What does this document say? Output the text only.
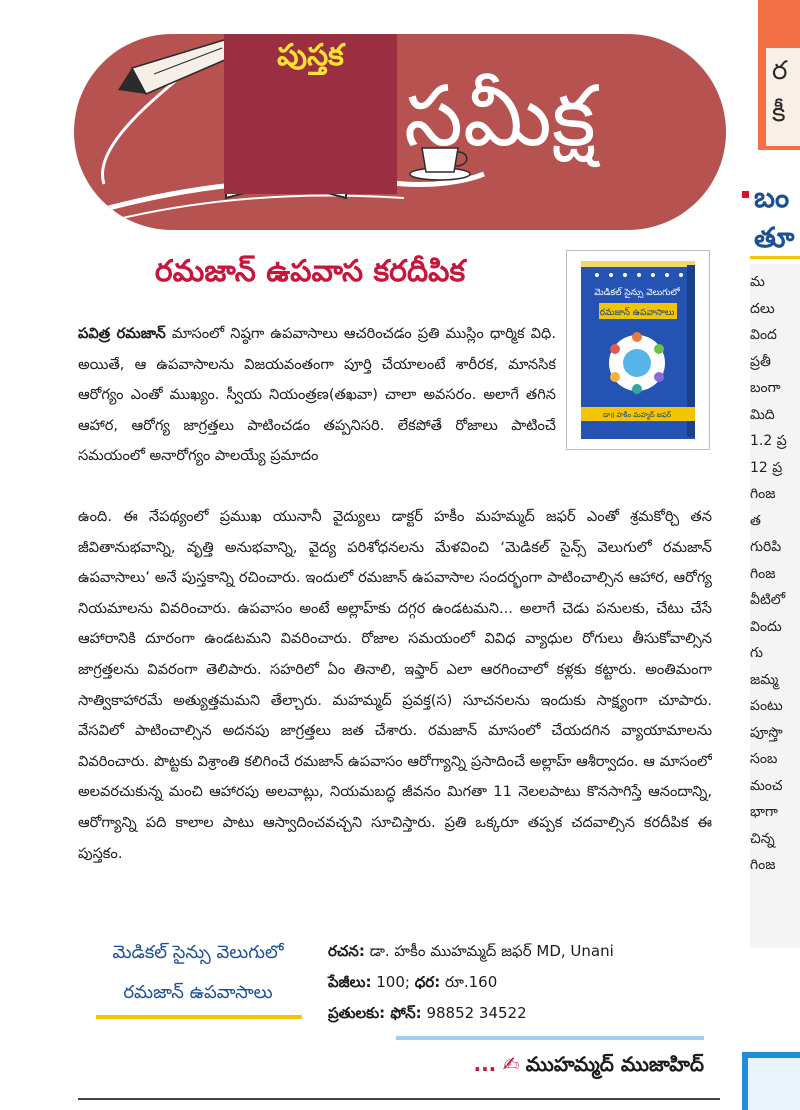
పుస్తక
సమీక్ష
రమజాన్ ఉపవాస కరదీపిక
మెడికల్ సైన్సు వెలుగులో
రమజాన్ ఉపవాసాలు
డా॥ హకీం మహ్మద్ జఫర్

పవిత్ర రమజాన్ మాసంలో నిష్ఠగా ఉపవాసాలు ఆచరించడం ప్రతి ముస్లిం ధార్మిక విధి. అయితే, ఆ ఉపవాసాలను విజయవంతంగా పూర్తి చేయాలంటే శారీరక, మానసిక ఆరోగ్యం ఎంతో ముఖ్యం. స్వీయ నియంత్రణ(తఖవా) చాలా అవసరం. అలాగే తగిన ఆహార, ఆరోగ్య జాగ్రత్తలు పాటించడం తప్పనిసరి. లేకపోతే రోజాలు పాటించే సమయంలో అనారోగ్యం పాలయ్యే ప్రమాదం

ఉంది. ఈ నేపథ్యంలో ప్రముఖ యునానీ వైద్యులు డాక్టర్ హకీం మహమ్మద్ జఫర్ ఎంతో శ్రమకోర్చి తన జీవితానుభవాన్ని, వృత్తి అనుభవాన్ని, వైద్య పరిశోధనలను మేళవించి ‘మెడికల్ సైన్స్ వెలుగులో రమజాన్ ఉపవాసాలు’ అనే పుస్తకాన్ని రచించారు. ఇందులో రమజాన్ ఉపవాసాల సందర్భంగా పాటించాల్సిన ఆహార, ఆరోగ్య నియమాలను వివరించారు. ఉపవాసం అంటే అల్లాహ్‌కు దగ్గర ఉండటమని... అలాగే చెడు పనులకు, చేటు చేసే ఆహారానికి దూరంగా ఉండటమని వివరించారు. రోజాల సమయంలో వివిధ వ్యాధుల రోగులు తీసుకోవాల్సిన జాగ్రత్తలను వివరంగా తెలిపారు. సహరిలో ఏం తినాలి, ఇఫ్తార్ ఎలా ఆరగించాలో కళ్లకు కట్టారు. అంతిమంగా సాత్వికాహారమే అత్యుత్తమమని తేల్చారు. మహమ్మద్ ప్రవక్త(స) సూచనలను ఇందుకు సాక్ష్యంగా చూపారు. వేసవిలో పాటించాల్సిన అదనపు జాగ్రత్తలు జత చేశారు. రమజాన్ మాసంలో చేయదగిన వ్యాయామాలను వివరించారు. పొట్టకు విశ్రాంతి కలిగించే రమజాన్ ఉపవాసం ఆరోగ్యాన్ని ప్రసాదించే అల్లాహ్ ఆశీర్వాదం. ఆ మాసంలో అలవరచుకున్న మంచి ఆహారపు అలవాట్లు, నియమబద్ధ జీవనం మిగతా 11 నెలలపాటు కొనసాగిస్తే ఆనందాన్ని, ఆరోగ్యాన్ని పది కాలాల పాటు ఆస్వాదించవచ్చని సూచిస్తారు. ప్రతి ఒక్కరూ తప్పక చదవాల్సిన కరదీపిక ఈ పుస్తకం.

మెడికల్ సైన్సు వెలుగులో
రమజాన్ ఉపవాసాలు
రచన: డా. హకీం ముహమ్మద్ జఫర్ MD, Unani
పేజీలు: 100; ధర: రూ.160
ప్రతులకు: ఫోన్: 98852 34522
... ✍ ముహమ్మద్ ముజాహిద్
ర
కీ
బం
తూ
మ
దలు
వింద
ప్రతీ
బంగా
మిది
1.2 ప్ర
12 ప్ర
గింజ
త
గురిపి
గింజ
వీటిలో
విందు
గు
జమ్మ
పంటు
పూస్తొ
సంబ
మంచ
భాగా
చిన్న
గింజ
